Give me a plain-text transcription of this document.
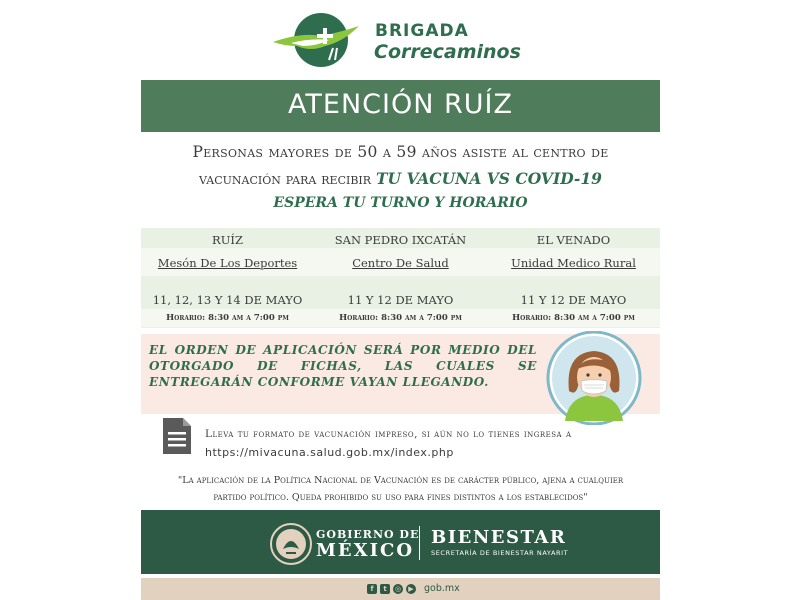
BRIGADA
Correcaminos
ATENCIÓN RUÍZ
Personas mayores de 50 a 59 años asiste al centro de
vacunación para recibir TU VACUNA VS COVID-19
ESPERA TU TURNO Y HORARIO
RUÍZ	SAN PEDRO IXCATÁN	EL VENADO
Mesón De Los Deportes	Centro De Salud	Unidad Medico Rural
11, 12, 13 Y 14 DE MAYO	11 Y 12 DE MAYO	11 Y 12 DE MAYO
Horario: 8:30 am a 7:00 pm	Horario: 8:30 am a 7:00 pm	Horario: 8:30 am a 7:00 pm
EL ORDEN DE APLICACIÓN SERÁ POR MEDIO DEL OTORGADO DE FICHAS, LAS CUALES SE ENTREGARÁN CONFORME VAYAN LLEGANDO.
Lleva tu formato de vacunación impreso, si aún no lo tienes ingresa a
https://mivacuna.salud.gob.mx/index.php
"La aplicación de la Política Nacional de Vacunación es de carácter público, ajena a cualquier
partido político. Queda prohibido su uso para fines distintos a los establecidos"
GOBIERNO DE
MÉXICO
BIENESTAR
SECRETARÍA DE BIENESTAR NAYARIT
f	t	◎	▶ gob.mx
